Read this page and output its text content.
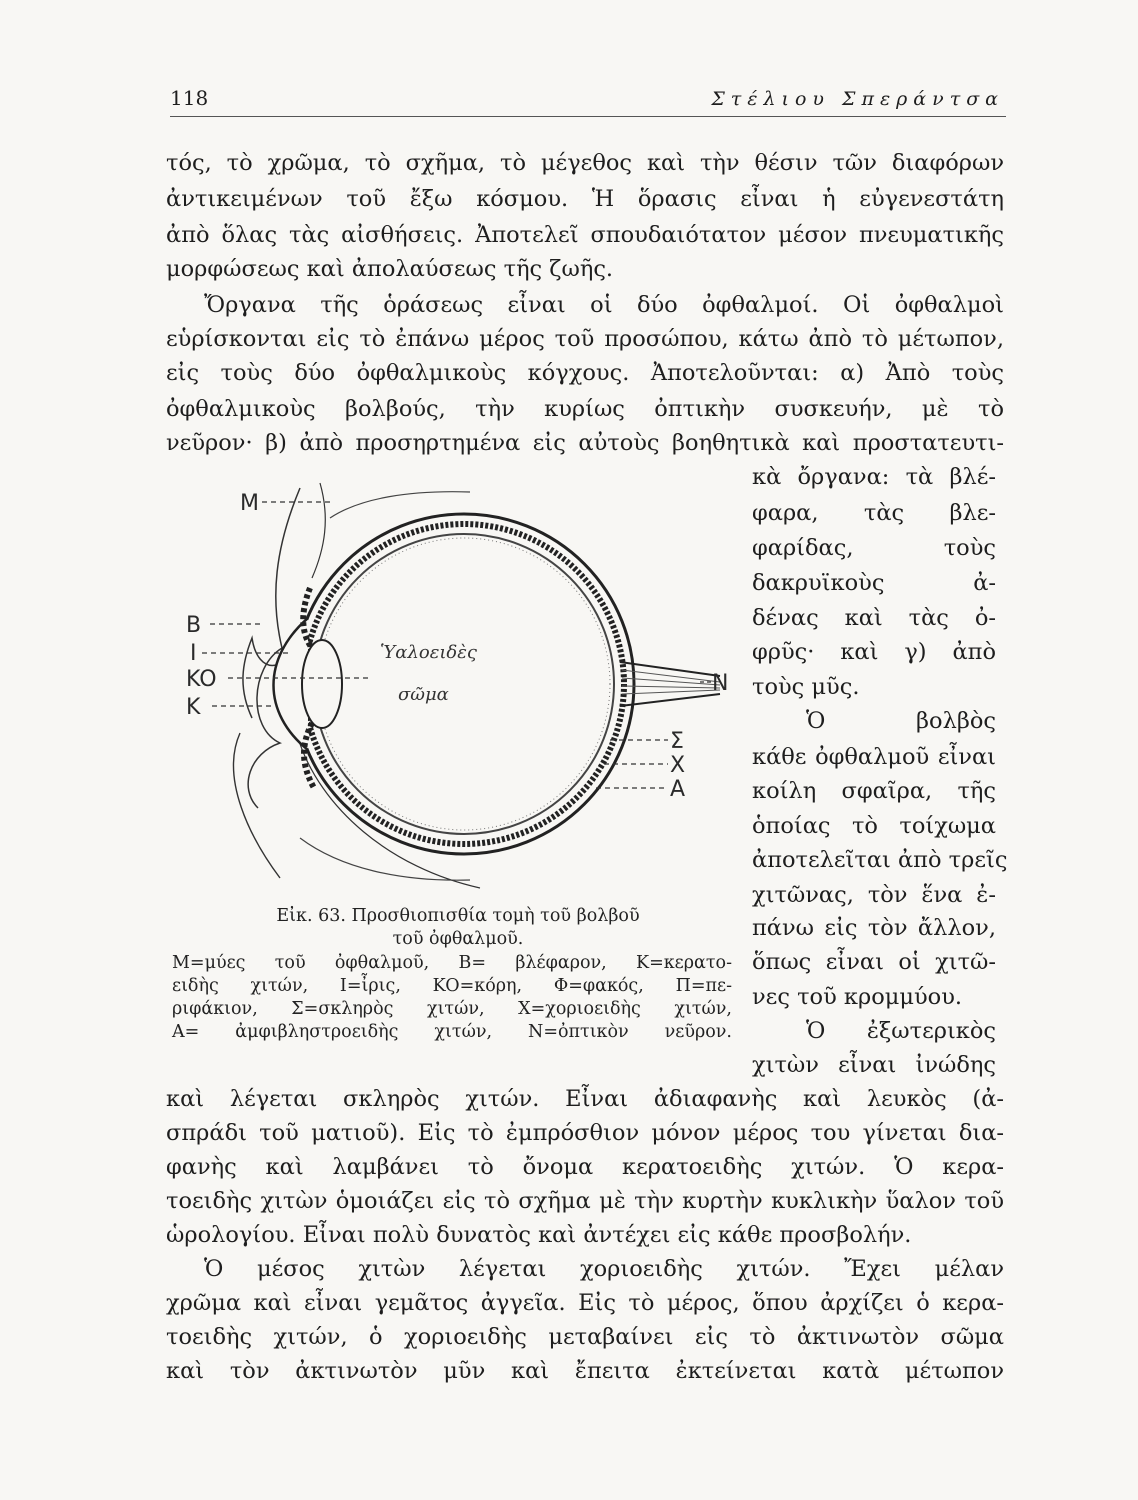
118	Στέλιου Σπεράντσα
τός, τὸ χρῶμα, τὸ σχῆμα, τὸ μέγεθος καὶ τὴν θέσιν τῶν διαφόρων
ἀντικειμένων τοῦ ἔξω κόσμου. Ἡ ὅρασις εἶναι ἡ εὐγενεστάτη
ἀπὸ ὅλας τὰς αἰσθήσεις. Ἀποτελεῖ σπουδαιότατον μέσον πνευματικῆς
μορφώσεως καὶ ἀπολαύσεως τῆς ζωῆς.
Ὄργανα τῆς ὁράσεως εἶναι οἱ δύο ὀφθαλμοί. Οἱ ὀφθαλμοὶ
εὑρίσκονται εἰς τὸ ἐπάνω μέρος τοῦ προσώπου, κάτω ἀπὸ τὸ μέτωπον,
εἰς τοὺς δύο ὀφθαλμικοὺς κόγχους. Ἀποτελοῦνται: α) Ἀπὸ τοὺς
ὀφθαλμικοὺς βολβούς, τὴν κυρίως ὀπτικὴν συσκευήν, μὲ τὸ
νεῦρον· β) ἀπὸ προσηρτημένα εἰς αὐτοὺς βοηθητικὰ καὶ προστατευτι-
κὰ ὄργανα: τὰ βλέ-
φαρα, τὰς βλε-
φαρίδας, τοὺς
δακρυϊκοὺς ἀ-
δένας καὶ τὰς ὀ-
φρῦς· καὶ γ) ἀπὸ
τοὺς μῦς.
Ὁ βολβὸς
κάθε ὀφθαλμοῦ εἶναι
κοίλη σφαῖρα, τῆς
ὁποίας τὸ τοίχωμα
ἀποτελεῖται ἀπὸ τρεῖς
χιτῶνας, τὸν ἕνα ἐ-
πάνω εἰς τὸν ἄλλον,
ὅπως εἶναι οἱ χιτῶ-
νες τοῦ κρομμύου.
Ὁ ἐξωτερικὸς
χιτὼν εἶναι ἰνώδης
M
B
I
KO
K
N
Σ
X
A
Ὑαλοειδὲς
σῶμα
Εἰκ. 63. Προσθιοπισθία τομὴ τοῦ βολβοῦ
τοῦ ὀφθαλμοῦ.
M=μύες τοῦ ὀφθαλμοῦ, B= βλέφαρον, K=κερατο-
ειδὴς χιτών, I=ἶρις, KO=κόρη, Φ=φακός, Π=πε-
ριφάκιον, Σ=σκληρὸς χιτών, X=χοριοειδὴς χιτών,
A= ἀμφιβληστροειδὴς χιτών, N=ὀπτικὸν νεῦρον.
καὶ λέγεται σκληρὸς χιτών. Εἶναι ἀδιαφανὴς καὶ λευκὸς (ἀ-
σπράδι τοῦ ματιοῦ). Εἰς τὸ ἐμπρόσθιον μόνον μέρος του γίνεται δια-
φανὴς καὶ λαμβάνει τὸ ὄνομα κερατοειδὴς χιτών. Ὁ κερα-
τοειδὴς χιτὼν ὁμοιάζει εἰς τὸ σχῆμα μὲ τὴν κυρτὴν κυκλικὴν ὕαλον τοῦ
ὡρολογίου. Εἶναι πολὺ δυνατὸς καὶ ἀντέχει εἰς κάθε προσβολήν.
Ὁ μέσος χιτὼν λέγεται χοριοειδὴς χιτών. Ἔχει μέλαν
χρῶμα καὶ εἶναι γεμᾶτος ἀγγεῖα. Εἰς τὸ μέρος, ὅπου ἀρχίζει ὁ κερα-
τοειδὴς χιτών, ὁ χοριοειδὴς μεταβαίνει εἰς τὸ ἀκτινωτὸν σῶμα
καὶ τὸν ἀκτινωτὸν μῦν καὶ ἔπειτα ἐκτείνεται κατὰ μέτωπον
